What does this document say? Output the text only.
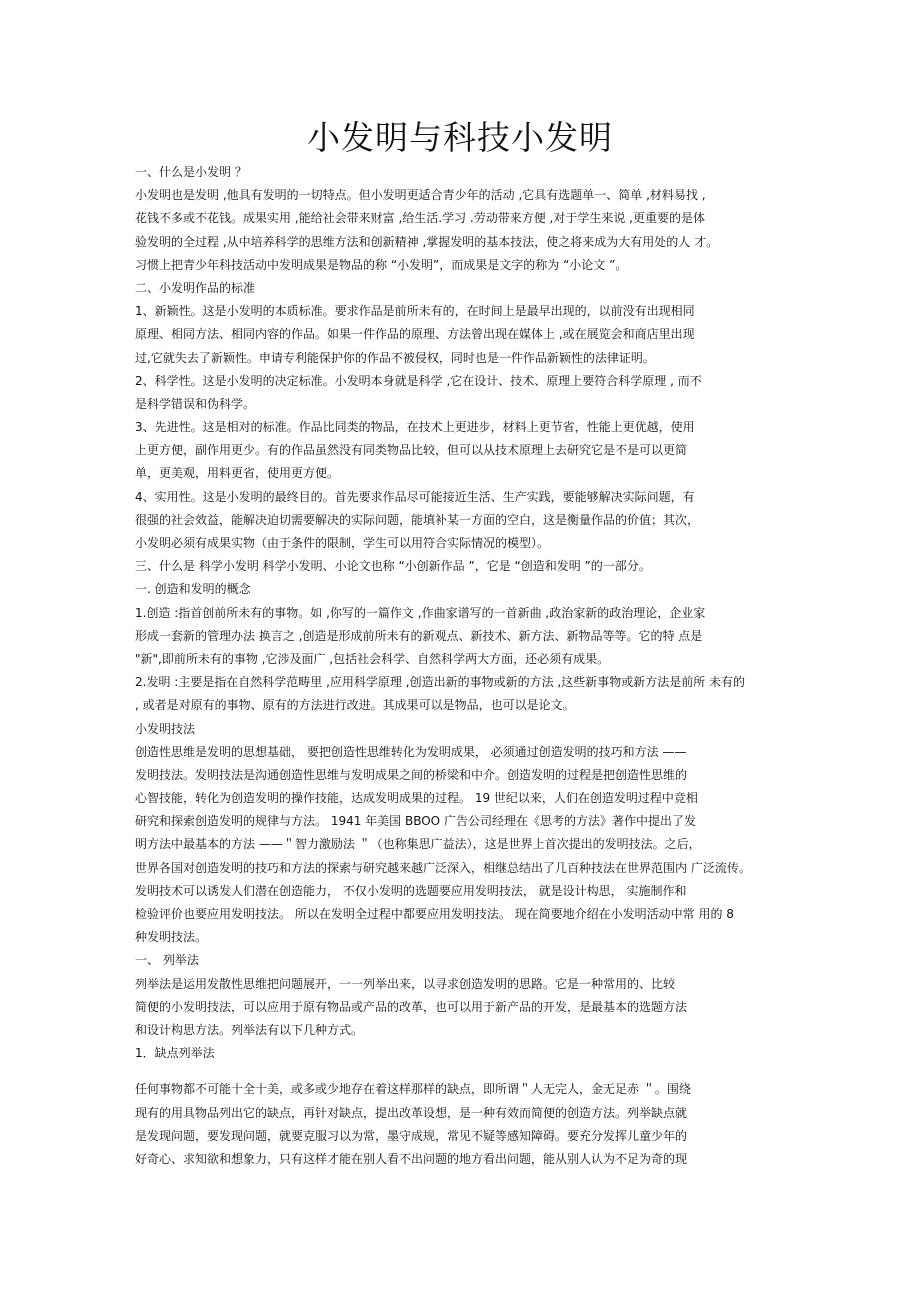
小发明与科技小发明
一、什么是小发明 ？
小发明也是发明 ,他具有发明的一切特点。但小发明更适合青少年的活动 ,它具有选题单一、简单 ,材料易找 ,
花钱不多或不花钱。成果实用 ,能给社会带来财富 ,给生活.学习 .劳动带来方便 ,对于学生来说 ,更重要的是体
验发明的全过程 ,从中培养科学的思维方法和创新精神 ,掌握发明的基本技法，使之将来成为大有用处的人 才。
习惯上把青少年科技活动中发明成果是物品的称 “小发明”，而成果是文字的称为 “小论文 ”。
二、小发明作品的标准
1、新颖性。这是小发明的本质标准。要求作品是前所未有的，在时间上是最早出现的，以前没有出现相同
原理、相同方法、相同内容的作品。如果一件作品的原理、方法曾出现在媒体上 ,或在展览会和商店里出现
过,它就失去了新颖性。申请专利能保护你的作品不被侵权，同时也是一件作品新颖性的法律证明。
2、科学性。这是小发明的决定标准。小发明本身就是科学 ,它在设计、技术、原理上要符合科学原理 , 而不
是科学错误和伪科学。
3、先进性。这是相对的标准。作品比同类的物品，在技术上更进步，材料上更节省，性能上更优越，使用
上更方便，副作用更少。有的作品虽然没有同类物品比较，但可以从技术原理上去研究它是不是可以更简
单，更美观，用料更省，使用更方便。
4、实用性。这是小发明的最终目的。首先要求作品尽可能接近生活、生产实践，要能够解决实际问题，有
很强的社会效益，能解决迫切需要解决的实际问题，能填补某一方面的空白，这是衡量作品的价值；其次，
小发明必须有成果实物（由于条件的限制，学生可以用符合实际情况的模型）。
三、什么是 科学小发明 科学小发明、小论文也称 “小创新作品 ”，它是 “创造和发明 ”的一部分。
一. 创造和发明的概念
1.创造 :指首创前所未有的事物。如 ,你写的一篇作文 ,作曲家谱写的一首新曲 ,政治家新的政治理论，企业家
形成一套新的管理办法 换言之 ,创造是形成前所未有的新观点、新技术、新方法、新物品等等。它的特 点是
"新",即前所未有的事物 ,它涉及面广 ,包括社会科学、自然科学两大方面，还必须有成果。
2.发明 :主要是指在自然科学范畴里 ,应用科学原理 ,创造出新的事物或新的方法 ,这些新事物或新方法是前所 未有的
, 或者是对原有的事物、原有的方法进行改进。其成果可以是物品，也可以是论文。
小发明技法
创造性思维是发明的思想基础， 要把创造性思维转化为发明成果， 必须通过创造发明的技巧和方法 ——
发明技法。发明技法是沟通创造性思维与发明成果之间的桥梁和中介。创造发明的过程是把创造性思维的
心智技能，转化为创造发明的操作技能，达成发明成果的过程。 19 世纪以来，人们在创造发明过程中竞相
研究和探索创造发明的规律与方法。 1941 年美国 BBOO 广告公司经理在《思考的方法》著作中提出了发
明方法中最基本的方法 ——＂智力激励法 ＂（也称集思广益法），这是世界上首次提出的发明技法。之后，
世界各国对创造发明的技巧和方法的探索与研究越来越广泛深入，相继总结出了几百种技法在世界范围内 广泛流传。
发明技术可以诱发人们潜在创造能力， 不仅小发明的选题要应用发明技法， 就是设计构思， 实施制作和
检验评价也要应用发明技法。 所以在发明全过程中都要应用发明技法。 现在简要地介绍在小发明活动中常 用的 8
种发明技法。
一、 列举法
列举法是运用发散性思维把问题展开，一一列举出来，以寻求创造发明的思路。它是一种常用的、比较
简便的小发明技法，可以应用于原有物品或产品的改革，也可以用于新产品的开发，是最基本的选题方法
和设计构思方法。列举法有以下几种方式。
1．缺点列举法
任何事物都不可能十全十美，或多或少地存在着这样那样的缺点，即所谓＂人无完人，金无足赤 ＂。围绕
现有的用具物品列出它的缺点，再针对缺点，提出改革设想，是一种有效而简便的创造方法。列举缺点就
是发现问题，要发现问题，就要克服习以为常，墨守成规，常见不疑等感知障碍。要充分发挥儿童少年的
好奇心、求知欲和想象力，只有这样才能在别人看不出问题的地方看出问题，能从别人认为不足为奇的现
